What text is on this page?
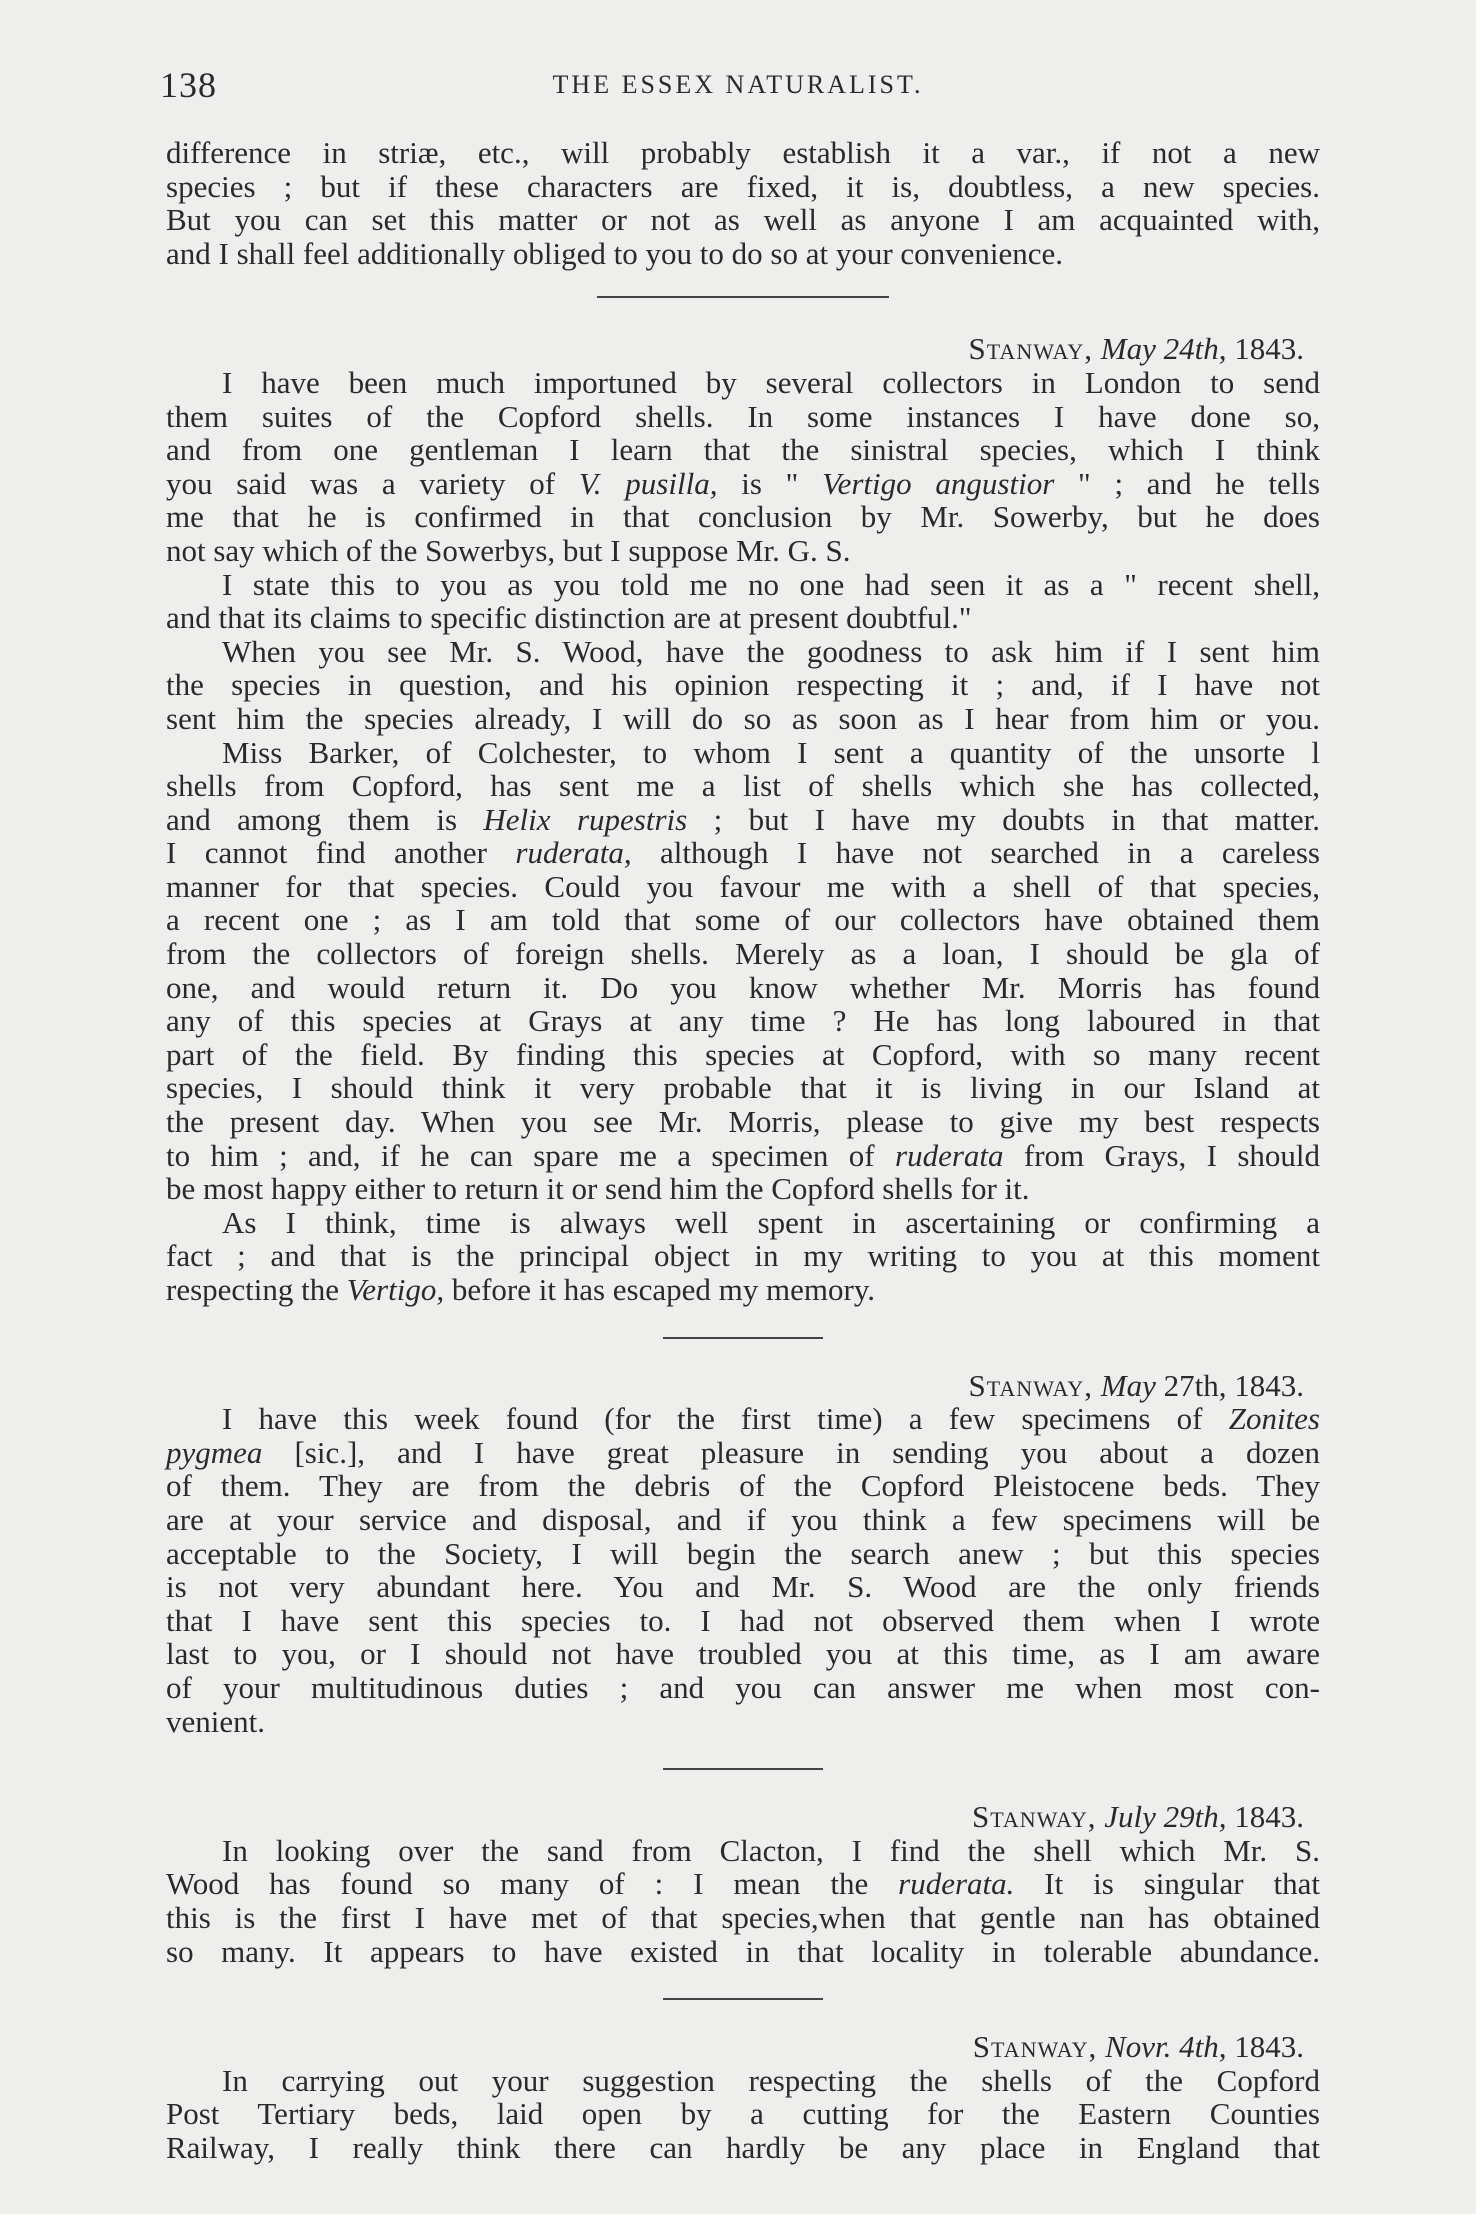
138	THE ESSEX NATURALIST.
difference in striæ, etc., will probably establish it a var., if not a new
species ; but if these characters are fixed, it is, doubtless, a new species.
But you can set this matter or not as well as anyone I am acquainted with,
and I shall feel additionally obliged to you to do so at your convenience.
Stanway, May 24th, 1843.
I have been much importuned by several collectors in London to send
them suites of the Copford shells. In some instances I have done so,
and from one gentleman I learn that the sinistral species, which I think
you said was a variety of V. pusilla, is " Vertigo angustior " ; and he tells
me that he is confirmed in that conclusion by Mr. Sowerby, but he does
not say which of the Sowerbys, but I suppose Mr. G. S.
I state this to you as you told me no one had seen it as a " recent shell,
and that its claims to specific distinction are at present doubtful."
When you see Mr. S. Wood, have the goodness to ask him if I sent him
the species in question, and his opinion respecting it ; and, if I have not
sent him the species already, I will do so as soon as I hear from him or you.
Miss Barker, of Colchester, to whom I sent a quantity of the unsorte l
shells from Copford, has sent me a list of shells which she has collected,
and among them is Helix rupestris ; but I have my doubts in that matter.
I cannot find another ruderata, although I have not searched in a careless
manner for that species. Could you favour me with a shell of that species,
a recent one ; as I am told that some of our collectors have obtained them
from the collectors of foreign shells. Merely as a loan, I should be gla of
one, and would return it. Do you know whether Mr. Morris has found
any of this species at Grays at any time ? He has long laboured in that
part of the field. By finding this species at Copford, with so many recent
species, I should think it very probable that it is living in our Island at
the present day. When you see Mr. Morris, please to give my best respects
to him ; and, if he can spare me a specimen of ruderata from Grays, I should
be most happy either to return it or send him the Copford shells for it.
As I think, time is always well spent in ascertaining or confirming a
fact ; and that is the principal object in my writing to you at this moment
respecting the Vertigo, before it has escaped my memory.
Stanway, May 27th, 1843.
I have this week found (for the first time) a few specimens of Zonites
pygmea [sic.], and I have great pleasure in sending you about a dozen
of them. They are from the debris of the Copford Pleistocene beds. They
are at your service and disposal, and if you think a few specimens will be
acceptable to the Society, I will begin the search anew ; but this species
is not very abundant here. You and Mr. S. Wood are the only friends
that I have sent this species to. I had not observed them when I wrote
last to you, or I should not have troubled you at this time, as I am aware
of your multitudinous duties ; and you can answer me when most con-
venient.
Stanway, July 29th, 1843.
In looking over the sand from Clacton, I find the shell which Mr. S.
Wood has found so many of : I mean the ruderata. It is singular that
this is the first I have met of that species,when that gentle nan has obtained
so many. It appears to have existed in that locality in tolerable abundance.
Stanway, Novr. 4th, 1843.
In carrying out your suggestion respecting the shells of the Copford
Post Tertiary beds, laid open by a cutting for the Eastern Counties
Railway, I really think there can hardly be any place in England that
